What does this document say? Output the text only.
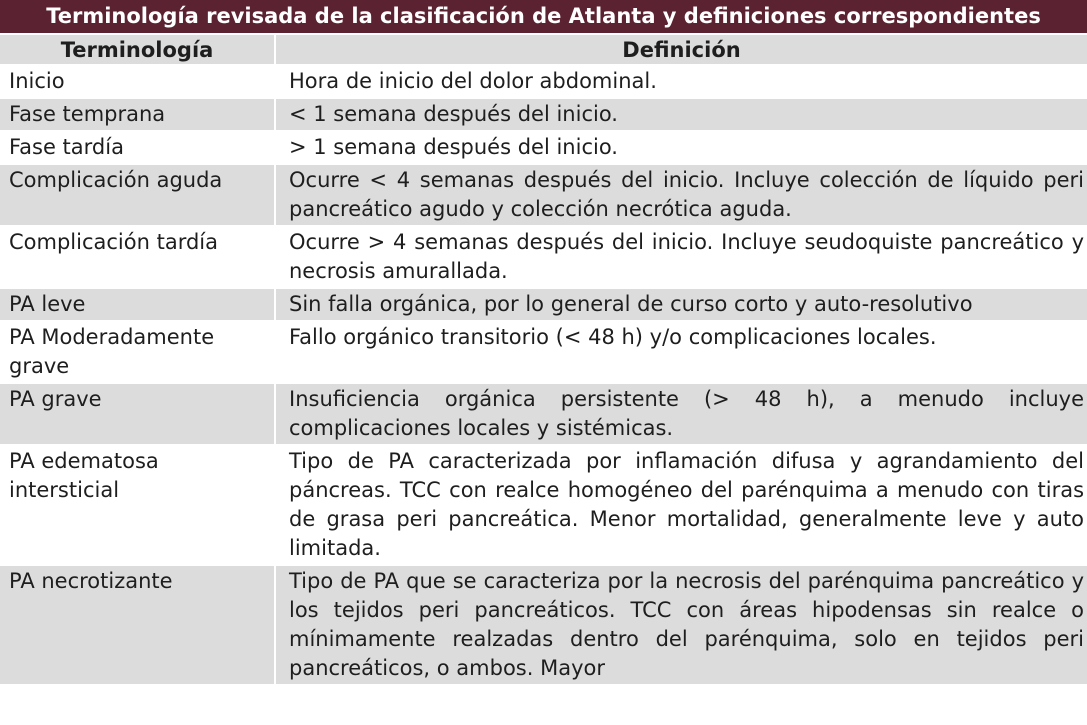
Terminología revisada de la clasificación de Atlanta y definiciones correspondientes	
Terminología	Definición
Inicio	Hora de inicio del dolor abdominal.
Fase temprana	< 1 semana después del inicio.
Fase tardía	> 1 semana después del inicio.
Complicación aguda	Ocurre < 4 semanas después del inicio. Incluye colección de líquido peri pancreático agudo y colección necrótica aguda.
Complicación tardía	Ocurre > 4 semanas después del inicio. Incluye seudoquiste pancreático y necrosis amurallada.
PA leve	Sin falla orgánica, por lo general de curso corto y auto-resolutivo
PA Moderadamente grave	Fallo orgánico transitorio (< 48 h) y/o complicaciones locales.
PA grave	Insuficiencia orgánica persistente (> 48 h), a menudo incluye complicaciones locales y sistémicas.
PA edematosa intersticial	Tipo de PA caracterizada por inflamación difusa y agrandamiento del páncreas. TCC con realce homogéneo del parénquima a menudo con tiras de grasa peri pancreática. Menor mortalidad, generalmente leve y auto limitada.
PA necrotizante	Tipo de PA que se caracteriza por la necrosis del parénquima pancreático y los tejidos peri pancreáticos. TCC con áreas hipodensas sin realce o mínimamente realzadas dentro del parénquima, solo en tejidos peri pancreáticos, o ambos. Mayor
